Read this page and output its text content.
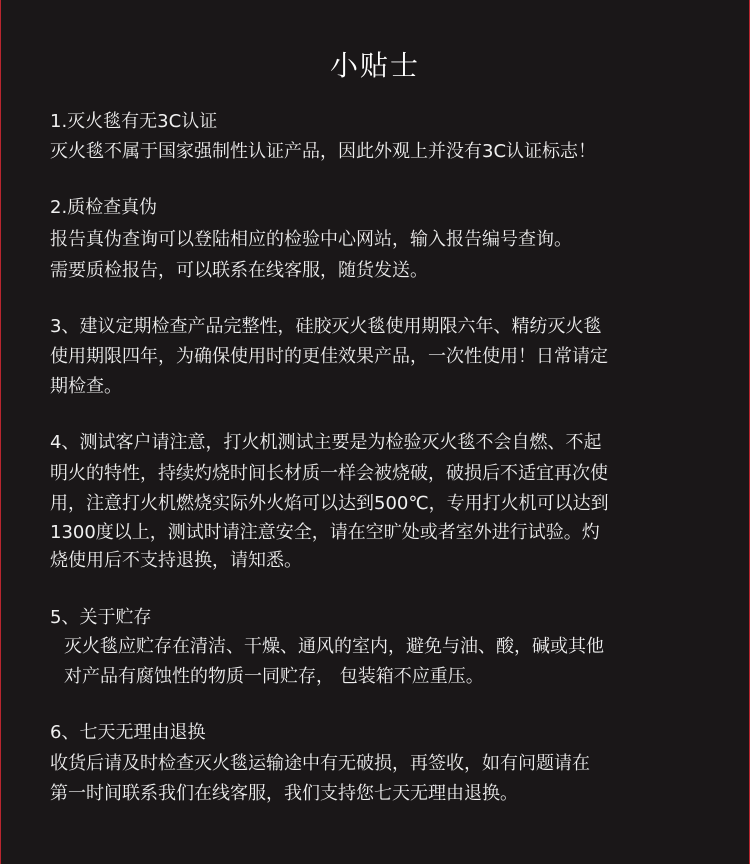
小贴士
1.灭火毯有无3C认证
灭火毯不属于国家强制性认证产品，因此外观上并没有3C认证标志！
2.质检查真伪
报告真伪查询可以登陆相应的检验中心网站，输入报告编号查询。
需要质检报告，可以联系在线客服，随货发送。
3、建议定期检查产品完整性，硅胶灭火毯使用期限六年、精纺灭火毯
使用期限四年，为确保使用时的更佳效果产品，一次性使用！日常请定
期检查。
4、测试客户请注意，打火机测试主要是为检验灭火毯不会自燃、不起
明火的特性，持续灼烧时间长材质一样会被烧破，破损后不适宜再次使
用，注意打火机燃烧实际外火焰可以达到500℃，专用打火机可以达到
1300度以上，测试时请注意安全，请在空旷处或者室外进行试验。灼
烧使用后不支持退换，请知悉。
5、关于贮存
灭火毯应贮存在清洁、干燥、通风的室内，避免与油、酸，碱或其他
对产品有腐蚀性的物质一同贮存， 包装箱不应重压。
6、七天无理由退换
收货后请及时检查灭火毯运输途中有无破损，再签收，如有问题请在
第一时间联系我们在线客服，我们支持您七天无理由退换。
